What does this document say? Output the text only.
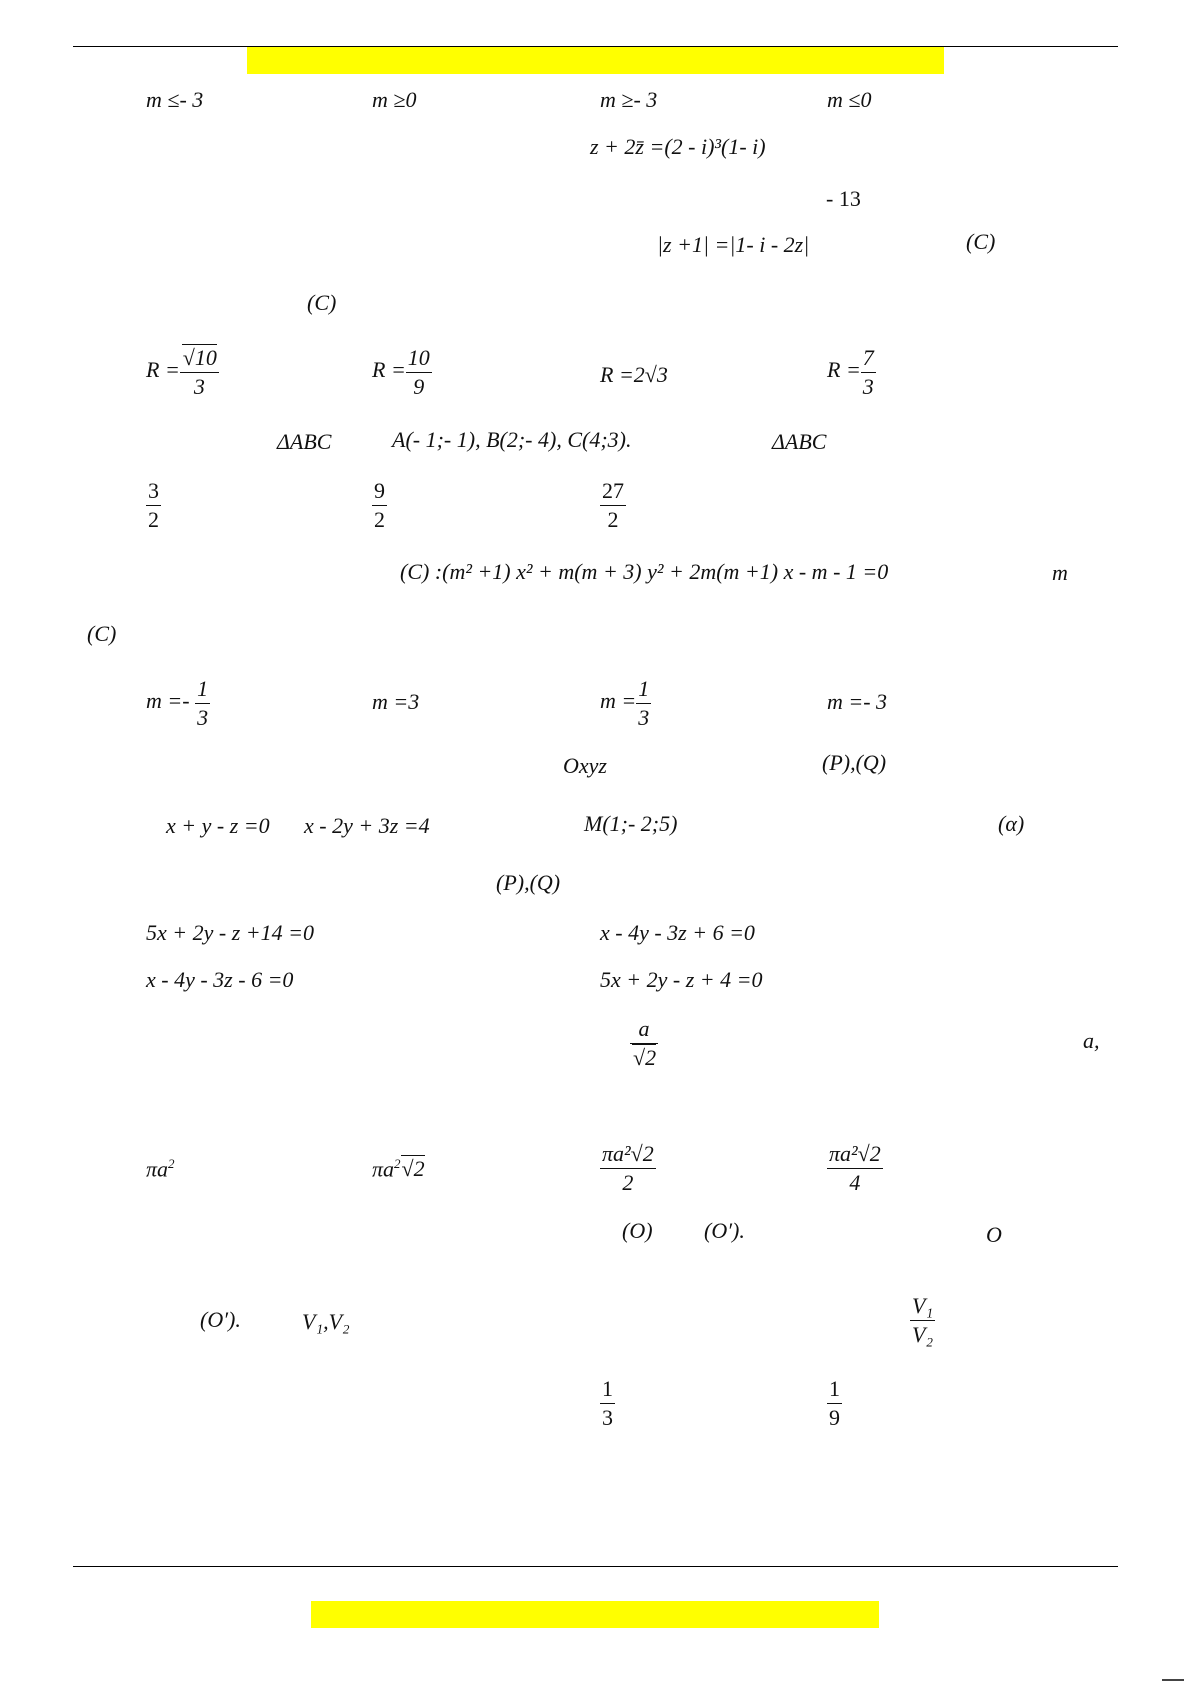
m ≤- 3	m ≥0	m ≥- 3	m ≤0
z + 2z̄ =(2 - i)³(1- i)
- 13
|z +1| =|1- i - 2z|	(C)
(C)
$R = \frac{√10}{3}$	$R = \frac{10}{9}$	R =2√3	$R = \frac{7}{3}$
ΔABC	A(- 1;- 1), B(2;- 4), C(4;3).	ΔABC
$\frac{3}{2}$	$\frac{9}{2}$	$\frac{27}{2}$
(C) :(m² +1) x² + m(m + 3) y² + 2m(m +1) x - m - 1 =0	m
(C)
$m =- \frac{1}{3}$	m =3	$m = \frac{1}{3}$	m =- 3
Oxyz	(P),(Q)
x + y - z =0 x - 2y + 3z =4	M(1;- 2;5)	(α)
(P),(Q)
5x + 2y - z +14 =0	x - 4y - 3z + 6 =0
x - 4y - 3z - 6 =0	5x + 2y - z + 4 =0
$\frac{a}{√2}$	a,
$\pi a^2$	$\pi a^2√2$	$\frac{\text{πa²√2}}{2}$	$\frac{\text{πa²√2}}{4}$
(O) (O′).	O
(O′).	V₁,V₂	$\frac{\text{V₁}}{\text{V₂}}$
$\frac{1}{3}$	$\frac{1}{9}$
